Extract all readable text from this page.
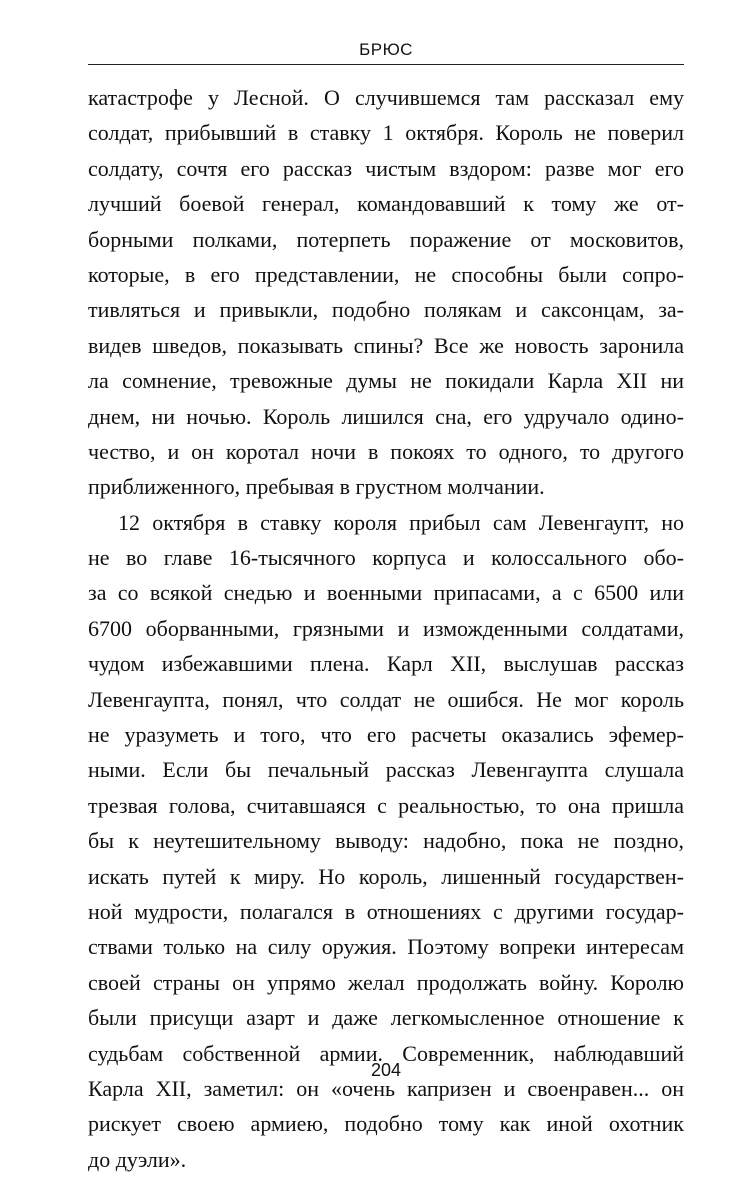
БРЮС
катастрофе у Лесной. О случившемся там рассказал ему
солдат, прибывший в ставку 1 октября. Король не поверил
солдату, сочтя его рассказ чистым вздором: разве мог его
лучший боевой генерал, командовавший к тому же от-
борными полками, потерпеть поражение от московитов,
которые, в его представлении, не способны были сопро-
тивляться и привыкли, подобно полякам и саксонцам, за-
видев шведов, показывать спины? Все же новость заронила
ла сомнение, тревожные думы не покидали Карла XII ни
днем, ни ночью. Король лишился сна, его удручало одино-
чество, и он коротал ночи в покоях то одного, то другого
приближенного, пребывая в грустном молчании.
12 октября в ставку короля прибыл сам Левенгаупт, но
не во главе 16-тысячного корпуса и колоссального обо-
за со всякой снедью и военными припасами, а с 6500 или
6700 оборванными, грязными и изможденными солдатами,
чудом избежавшими плена. Карл XII, выслушав рассказ
Левенгаупта, понял, что солдат не ошибся. Не мог король
не уразуметь и того, что его расчеты оказались эфемер-
ными. Если бы печальный рассказ Левенгаупта слушала
трезвая голова, считавшаяся с реальностью, то она пришла
бы к неутешительному выводу: надобно, пока не поздно,
искать путей к миру. Но король, лишенный государствен-
ной мудрости, полагался в отношениях с другими государ-
ствами только на силу оружия. Поэтому вопреки интересам
своей страны он упрямо желал продолжать войну. Королю
были присущи азарт и даже легкомысленное отношение к
судьбам собственной армии. Современник, наблюдавший
Карла XII, заметил: он «очень капризен и своенравен... он
рискует своею армиею, подобно тому как иной охотник
до дуэли».
204
